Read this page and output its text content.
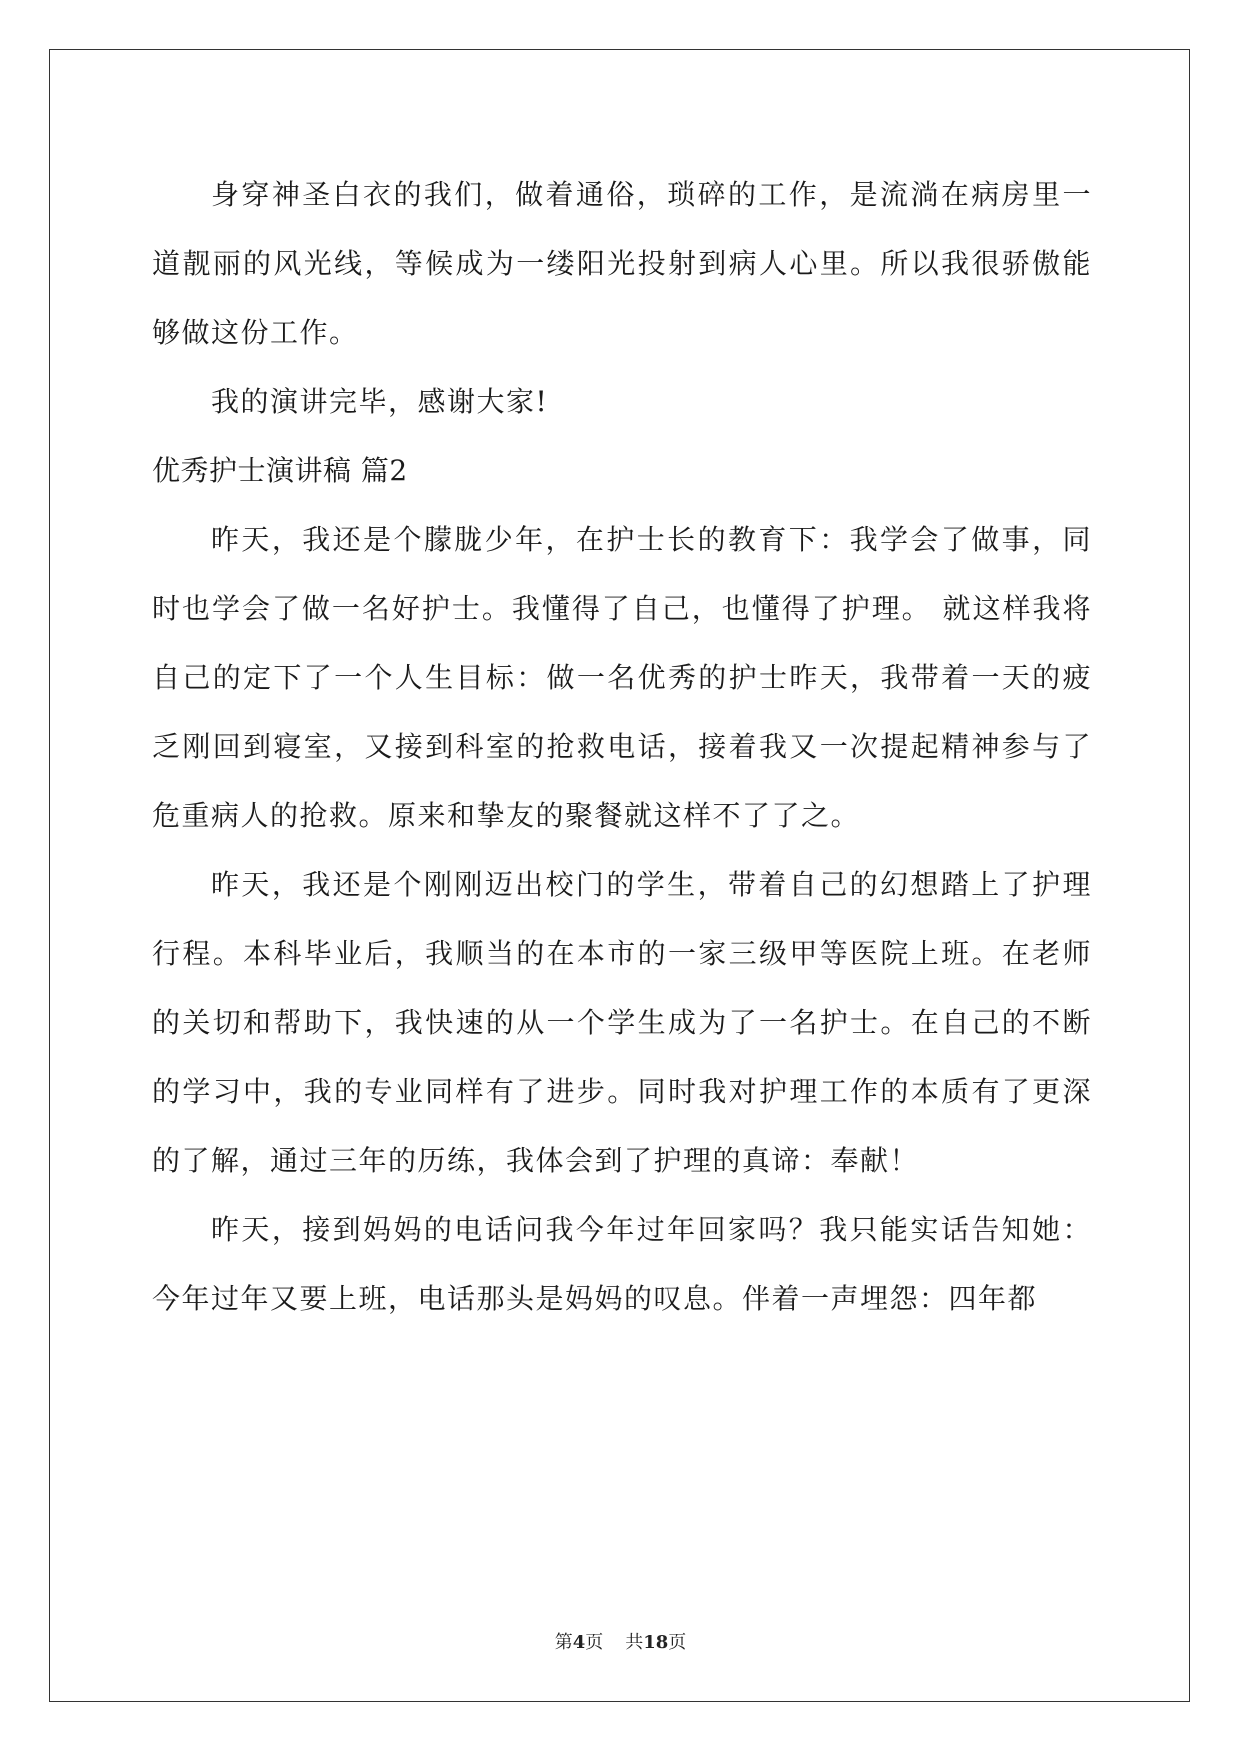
身穿神圣白衣的我们，做着通俗，琐碎的工作，是流淌在病房里一道靓丽的风光线，等候成为一缕阳光投射到病人心里。所以我很骄傲能够做这份工作。

我的演讲完毕，感谢大家!

优秀护士演讲稿 篇2

昨天，我还是个朦胧少年，在护士长的教育下：我学会了做事，同时也学会了做一名好护士。我懂得了自己，也懂得了护理。 就这样我将自己的定下了一个人生目标：做一名优秀的护士昨天，我带着一天的疲乏刚回到寝室，又接到科室的抢救电话，接着我又一次提起精神参与了危重病人的抢救。原来和挚友的聚餐就这样不了了之。

昨天，我还是个刚刚迈出校门的学生，带着自己的幻想踏上了护理行程。本科毕业后，我顺当的在本市的一家三级甲等医院上班。在老师的关切和帮助下，我快速的从一个学生成为了一名护士。在自己的不断的学习中，我的专业同样有了进步。同时我对护理工作的本质有了更深的了解，通过三年的历练，我体会到了护理的真谛：奉献！

昨天，接到妈妈的电话问我今年过年回家吗？我只能实话告知她：今年过年又要上班，电话那头是妈妈的叹息。伴着一声埋怨：四年都

第4页 共18页
